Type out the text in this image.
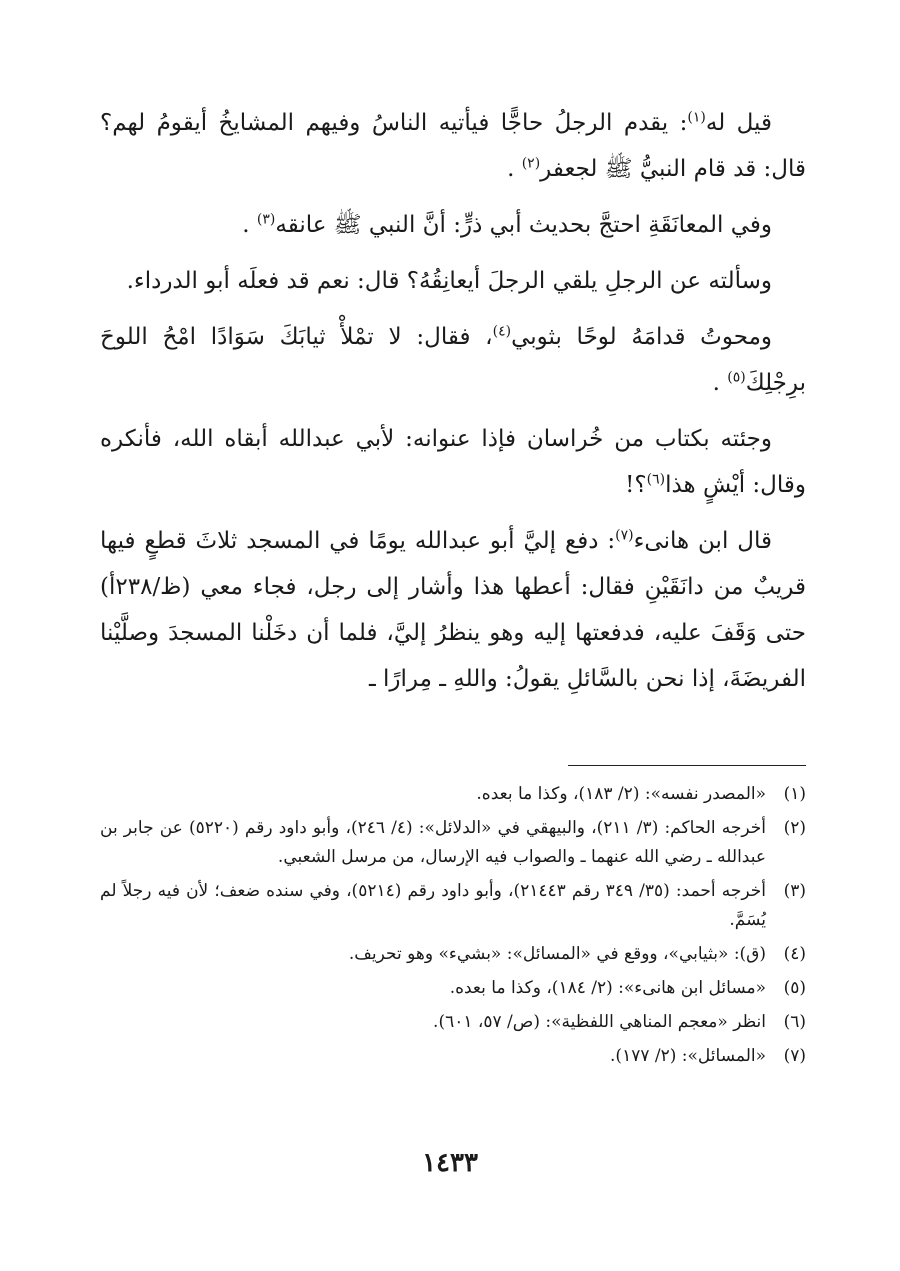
قيل له$^{(١)}$: يقدم الرجلُ حاجًّا فيأتيه الناسُ وفيهم المشايخُ أيقومُ لهم؟ قال: قد قام النبيُّ ﷺ لجعفر$^{(٢)}$ .

وفي المعانَقَةِ احتجَّ بحديث أبي ذرٍّ: أنَّ النبي ﷺ عانقه$^{(٣)}$ .

وسألته عن الرجلِ يلقي الرجلَ أيعانِقُهُ؟ قال: نعم قد فعلَه أبو الدرداء.

ومحوتُ قدامَهُ لوحًا بثوبي$^{(٤)}$، فقال: لا تمْلأْ ثيابَكَ سَوَادًا امْحُ اللوحَ برِجْلِكَ$^{(٥)}$ .

وجئته بكتاب من خُراسان فإذا عنوانه: لأبي عبدالله أبقاه الله، فأنكره وقال: أيْشٍ هذا$^{(٦)}$؟!

قال ابن هانىء$^{(٧)}$: دفع إليَّ أبو عبدالله يومًا في المسجد ثلاثَ قطعٍ فيها قريبٌ من دانَقَيْنِ فقال: أعطها هذا وأشار إلى رجل، فجاء معي (ظ/٢٣٨أ) حتى وَقَفَ عليه، فدفعتها إليه وهو ينظرُ إليَّ، فلما أن دخَلْنا المسجدَ وصلَّيْنا الفريضَةَ، إذا نحن بالسَّائلِ يقولُ: واللهِ ـ مِرارًا ـ

(١)
«المصدر نفسه»: (٢/ ١٨٣)، وكذا ما بعده.
(٢)
أخرجه الحاكم: (٣/ ٢١١)، والبيهقي في «الدلائل»: (٤/ ٢٤٦)، وأبو داود رقم (٥٢٢٠) عن جابر بن عبدالله ـ رضي الله عنهما ـ والصواب فيه الإرسال، من مرسل الشعبي.
(٣)
أخرجه أحمد: (٣٥/ ٣٤٩ رقم ٢١٤٤٣)، وأبو داود رقم (٥٢١٤)، وفي سنده ضعف؛ لأن فيه رجلاً لم يُسَمَّ.
(٤)
(ق): «بثيابي»، ووقع في «المسائل»: «بشيء» وهو تحريف.
(٥)
«مسائل ابن هانىء»: (٢/ ١٨٤)، وكذا ما بعده.
(٦)
انظر «معجم المناهي اللفظية»: (ص/ ٥٧، ٦٠١).
(٧)
«المسائل»: (٢/ ١٧٧).
١٤٣٣
